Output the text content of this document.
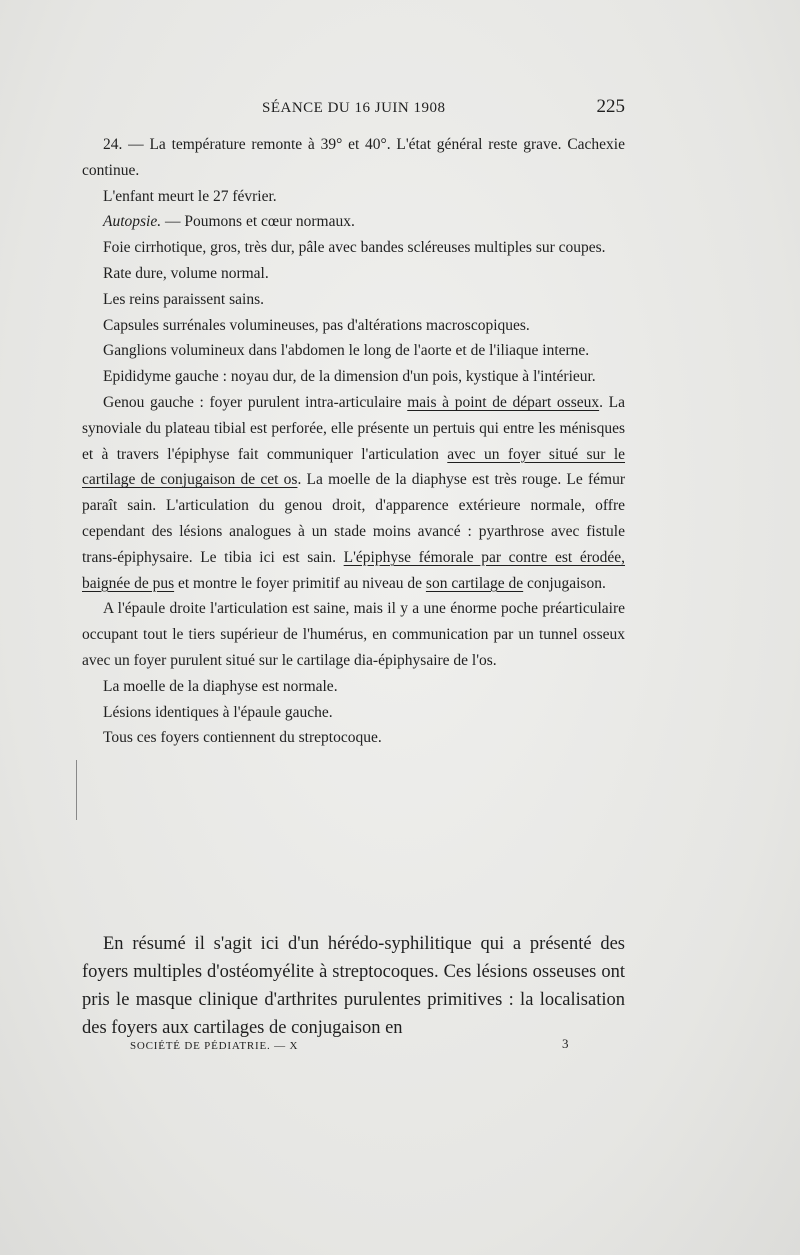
SÉANCE DU 16 JUIN 1908	225

24. — La température remonte à 39° et 40°. L'état général reste grave. Cachexie continue.

L'enfant meurt le 27 février.

Autopsie. — Poumons et cœur normaux.

Foie cirrhotique, gros, très dur, pâle avec bandes scléreuses multiples sur coupes.

Rate dure, volume normal.

Les reins paraissent sains.

Capsules surrénales volumineuses, pas d'altérations macroscopiques.

Ganglions volumineux dans l'abdomen le long de l'aorte et de l'iliaque interne.

Epididyme gauche : noyau dur, de la dimension d'un pois, kystique à l'intérieur.

Genou gauche : foyer purulent intra-articulaire mais à point de départ osseux. La synoviale du plateau tibial est perforée, elle présente un pertuis qui entre les ménisques et à travers l'épiphyse fait communiquer l'articulation avec un foyer situé sur le cartilage de conjugaison de cet os. La moelle de la diaphyse est très rouge. Le fémur paraît sain. L'articulation du genou droit, d'apparence extérieure normale, offre cependant des lésions analogues à un stade moins avancé : pyarthrose avec fistule trans-épiphysaire. Le tibia ici est sain. L'épiphyse fémorale par contre est érodée, baignée de pus et montre le foyer primitif au niveau de son cartilage de conjugaison.

A l'épaule droite l'articulation est saine, mais il y a une énorme poche préarticulaire occupant tout le tiers supérieur de l'humérus, en communication par un tunnel osseux avec un foyer purulent situé sur le cartilage dia-épiphysaire de l'os.

La moelle de la diaphyse est normale.

Lésions identiques à l'épaule gauche.

Tous ces foyers contiennent du streptocoque.

En résumé il s'agit ici d'un hérédo-syphilitique qui a présenté des foyers multiples d'ostéomyélite à streptocoques. Ces lésions osseuses ont pris le masque clinique d'arthrites purulentes primitives : la localisation des foyers aux cartilages de conjugaison en

SOCIÉTÉ DE PÉDIATRIE. — X	3
